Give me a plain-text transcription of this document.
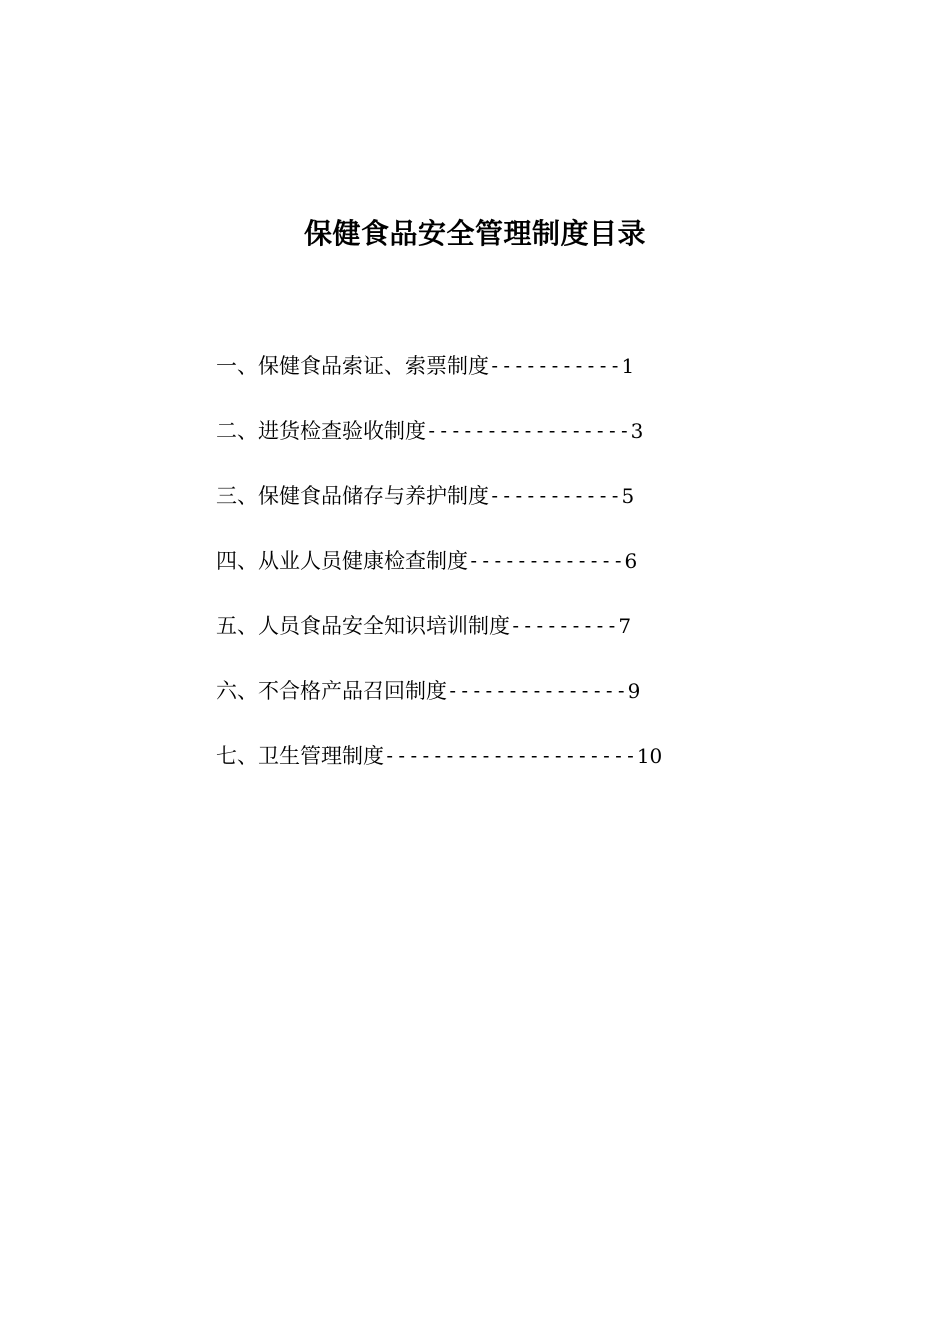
保健食品安全管理制度目录
一、保健食品索证、索票制度 ----------- 1
二、进货检查验收制度 ----------------- 3
三、保健食品储存与养护制度 ----------- 5
四、从业人员健康检查制度 ------------- 6
五、人员食品安全知识培训制度 --------- 7
六、不合格产品召回制度 --------------- 9
七、卫生管理制度 --------------------- 10
